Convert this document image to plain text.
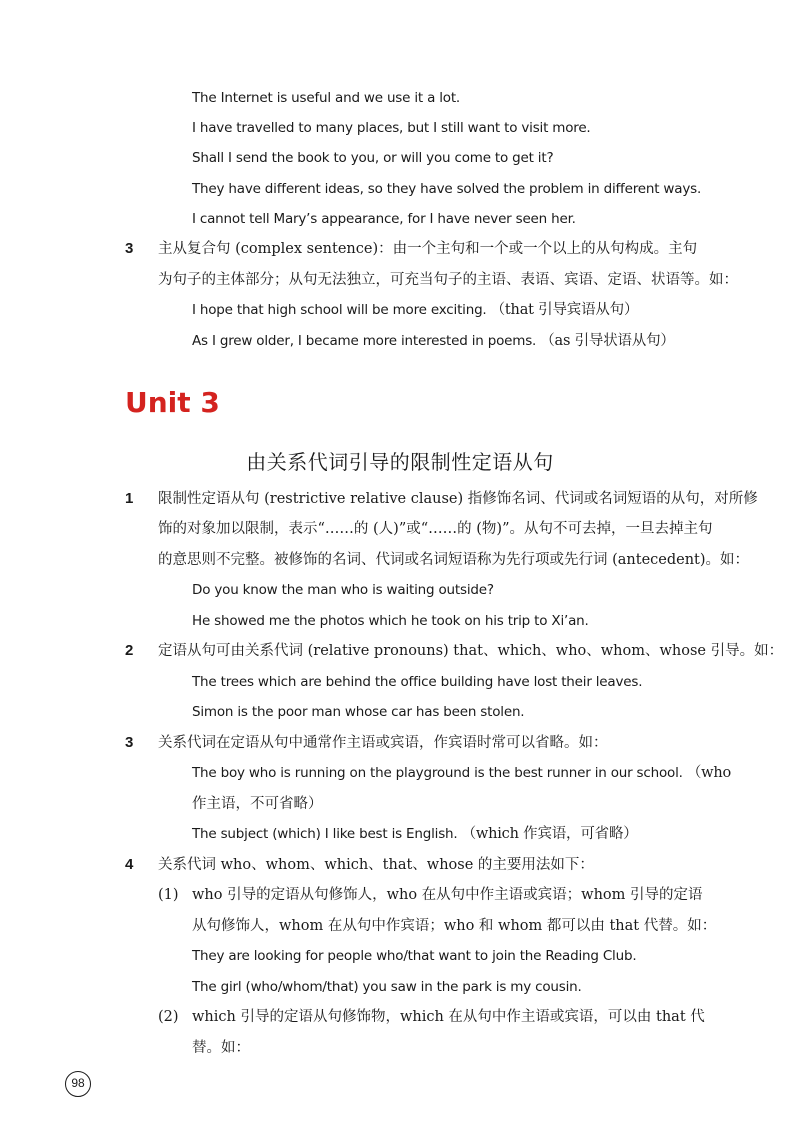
The Internet is useful and we use it a lot.
I have travelled to many places, but I still want to visit more.
Shall I send the book to you, or will you come to get it?
They have different ideas, so they have solved the problem in different ways.
I cannot tell Mary’s appearance, for I have never seen her.
3 主从复合句 (complex sentence)：由一个主句和一个或一个以上的从句构成。主句
为句子的主体部分；从句无法独立，可充当句子的主语、表语、宾语、定语、状语等。如：
I hope that high school will be more exciting. （that 引导宾语从句）
As I grew older, I became more interested in poems. （as 引导状语从句）
Unit 3
由关系代词引导的限制性定语从句
1 限制性定语从句 (restrictive relative clause) 指修饰名词、代词或名词短语的从句，对所修
饰的对象加以限制，表示“……的 (人)”或“……的 (物)”。从句不可去掉，一旦去掉主句
的意思则不完整。被修饰的名词、代词或名词短语称为先行项或先行词 (antecedent)。如：
Do you know the man who is waiting outside?
He showed me the photos which he took on his trip to Xi’an.
2 定语从句可由关系代词 (relative pronouns) that、which、who、whom、whose 引导。如：
The trees which are behind the office building have lost their leaves.
Simon is the poor man whose car has been stolen.
3 关系代词在定语从句中通常作主语或宾语，作宾语时常可以省略。如：
The boy who is running on the playground is the best runner in our school. （who
作主语，不可省略）
The subject (which) I like best is English. （which 作宾语，可省略）
4 关系代词 who、whom、which、that、whose 的主要用法如下：
(1) who 引导的定语从句修饰人，who 在从句中作主语或宾语；whom 引导的定语
从句修饰人，whom 在从句中作宾语；who 和 whom 都可以由 that 代替。如：
They are looking for people who/that want to join the Reading Club.
The girl (who/whom/that) you saw in the park is my cousin.
(2) which 引导的定语从句修饰物，which 在从句中作主语或宾语，可以由 that 代
替。如：
98
